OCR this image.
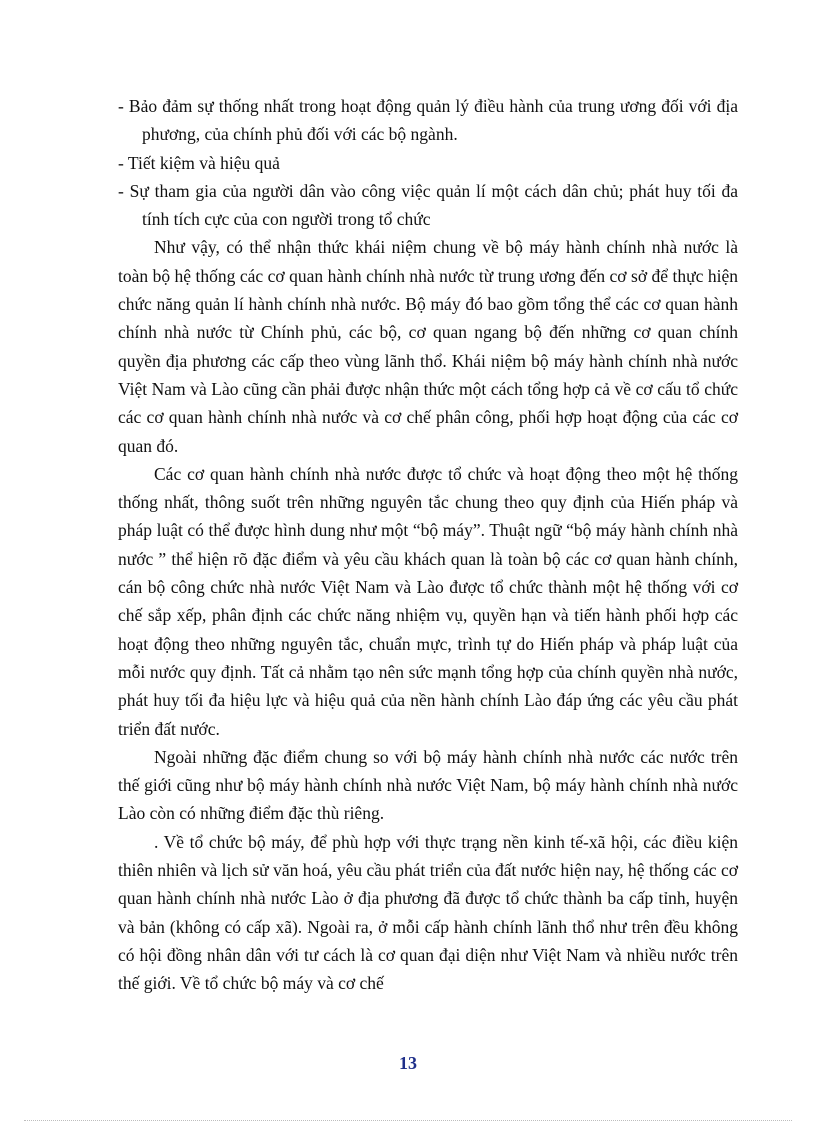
- Bảo đảm sự thống nhất trong hoạt động quản lý điều hành của trung ương đối với địa phương, của chính phủ đối với các bộ ngành.

- Tiết kiệm và hiệu quả

- Sự tham gia của người dân vào công việc quản lí một cách dân chủ; phát huy tối đa tính tích cực của con người trong tổ chức

Như vậy, có thể nhận thức khái niệm chung về bộ máy hành chính nhà nước là toàn bộ hệ thống các cơ quan hành chính nhà nước từ trung ương đến cơ sở để thực hiện chức năng quản lí hành chính nhà nước. Bộ máy đó bao gồm tổng thể các cơ quan hành chính nhà nước từ Chính phủ, các bộ, cơ quan ngang bộ đến những cơ quan chính quyền địa phương các cấp theo vùng lãnh thổ. Khái niệm bộ máy hành chính nhà nước Việt Nam và Lào cũng cần phải được nhận thức một cách tổng hợp cả về cơ cấu tổ chức các cơ quan hành chính nhà nước và cơ chế phân công, phối hợp hoạt động của các cơ quan đó.

Các cơ quan hành chính nhà nước được tổ chức và hoạt động theo một hệ thống thống nhất, thông suốt trên những nguyên tắc chung theo quy định của Hiến pháp và pháp luật có thể được hình dung như một “bộ máy”. Thuật ngữ “bộ máy hành chính nhà nước ” thể hiện rõ đặc điểm và yêu cầu khách quan là toàn bộ các cơ quan hành chính, cán bộ công chức nhà nước Việt Nam và Lào được tổ chức thành một hệ thống với cơ chế sắp xếp, phân định các chức năng nhiệm vụ, quyền hạn và tiến hành phối hợp các hoạt động theo những nguyên tắc, chuẩn mực, trình tự do Hiến pháp và pháp luật của mỗi nước quy định. Tất cả nhằm tạo nên sức mạnh tổng hợp của chính quyền nhà nước, phát huy tối đa hiệu lực và hiệu quả của nền hành chính Lào đáp ứng các yêu cầu phát triển đất nước.

Ngoài những đặc điểm chung so với bộ máy hành chính nhà nước các nước trên thế giới cũng như bộ máy hành chính nhà nước Việt Nam, bộ máy hành chính nhà nước Lào còn có những điểm đặc thù riêng.

. Về tổ chức bộ máy, để phù hợp với thực trạng nền kinh tế-xã hội, các điều kiện thiên nhiên và lịch sử văn hoá, yêu cầu phát triển của đất nước hiện nay, hệ thống các cơ quan hành chính nhà nước Lào ở địa phương đã được tổ chức thành ba cấp tỉnh, huyện và bản (không có cấp xã). Ngoài ra, ở mỗi cấp hành chính lãnh thổ như trên đều không có hội đồng nhân dân với tư cách là cơ quan đại diện như Việt Nam và nhiều nước trên thế giới. Về tổ chức bộ máy và cơ chế

13
